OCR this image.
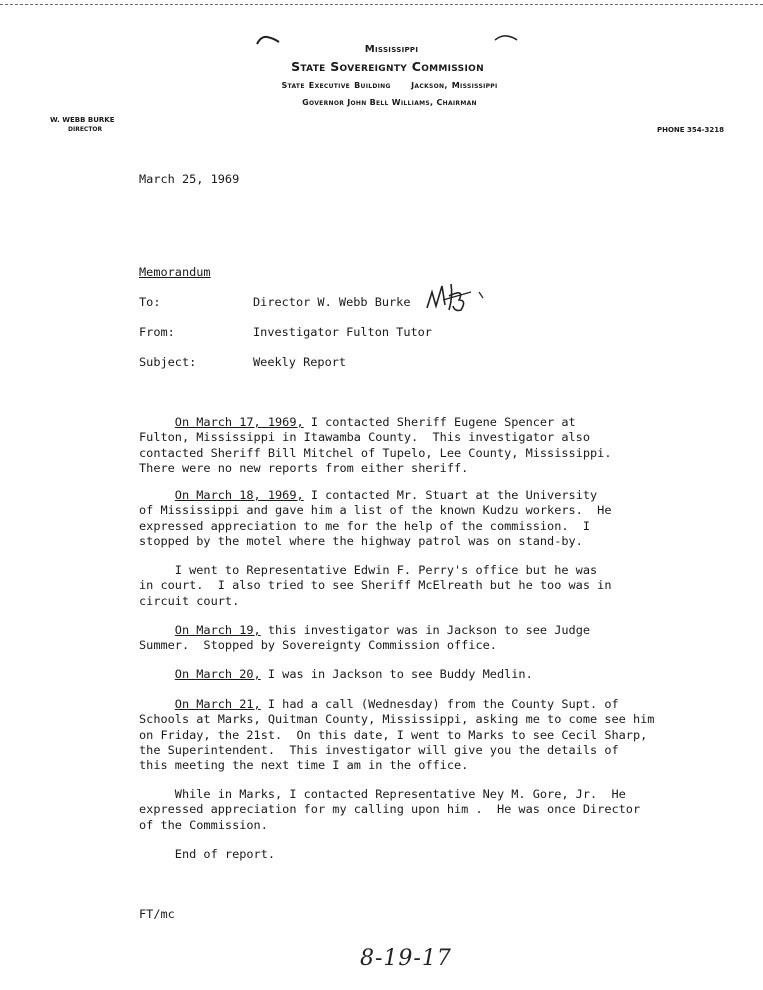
Mississippi
State Sovereignty Commission
State Executive Building	Jackson, Mississippi
Governor John Bell Williams, Chairman
W. WEBB BURKE
DIRECTOR	PHONE 354-3218

March 25, 1969

Memorandum

To:	Director W. Webb Burke

From:	Investigator Fulton Tutor

Subject:	Weekly Report

On March 17, 1969, I contacted Sheriff Eugene Spencer at
Fulton, Mississippi in Itawamba County.  This investigator also
contacted Sheriff Bill Mitchel of Tupelo, Lee County, Mississippi.
There were no new reports from either sheriff.

On March 18, 1969, I contacted Mr. Stuart at the University
of Mississippi and gave him a list of the known Kudzu workers.  He
expressed appreciation to me for the help of the commission.  I
stopped by the motel where the highway patrol was on stand-by.

I went to Representative Edwin F. Perry's office but he was
in court.  I also tried to see Sheriff McElreath but he too was in
circuit court.

On March 19, this investigator was in Jackson to see Judge
Summer.  Stopped by Sovereignty Commission office.

On March 20, I was in Jackson to see Buddy Medlin.

On March 21, I had a call (Wednesday) from the County Supt. of
Schools at Marks, Quitman County, Mississippi, asking me to come see him
on Friday, the 21st.  On this date, I went to Marks to see Cecil Sharp,
the Superintendent.  This investigator will give you the details of
this meeting the next time I am in the office.

While in Marks, I contacted Representative Ney M. Gore, Jr.  He
expressed appreciation for my calling upon him .  He was once Director
of the Commission.

End of report.

FT/mc

8-19-17
